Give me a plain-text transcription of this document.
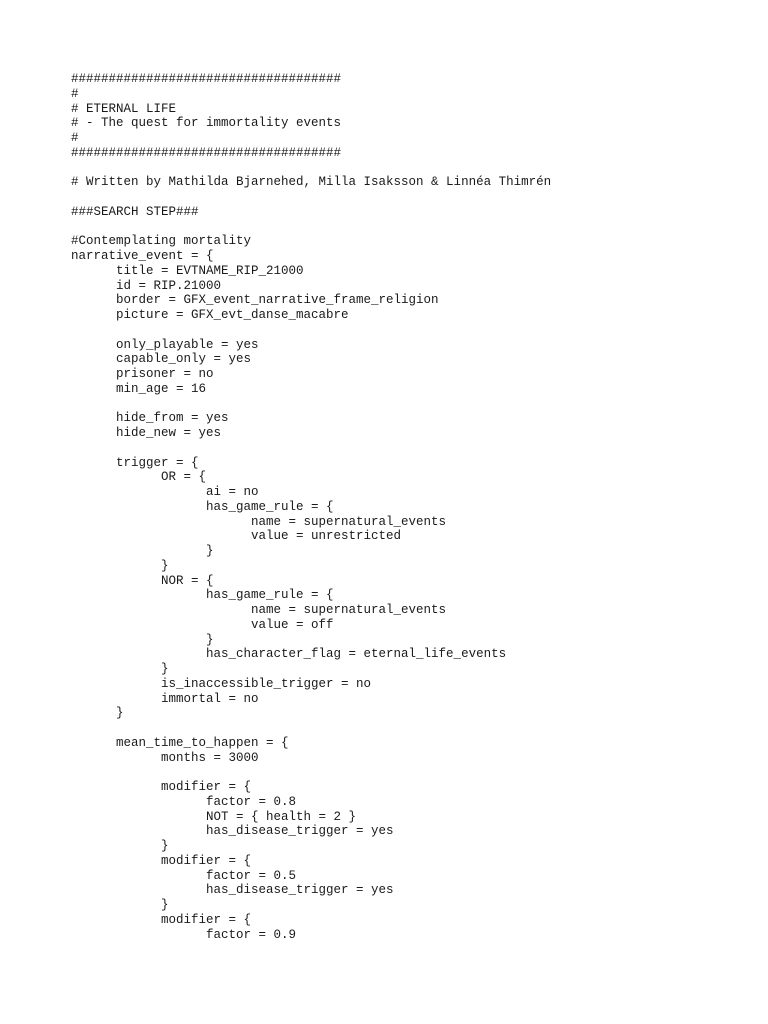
####################################
#
# ETERNAL LIFE
# - The quest for immortality events
#
####################################
# Written by Mathilda Bjarnehed, Milla Isaksson & Linnéa Thimrén
###SEARCH STEP###
#Contemplating mortality
narrative_event = {
title = EVTNAME_RIP_21000
id = RIP.21000
border = GFX_event_narrative_frame_religion
picture = GFX_evt_danse_macabre
only_playable = yes
capable_only = yes
prisoner = no
min_age = 16
hide_from = yes
hide_new = yes
trigger = {
OR = {
ai = no
has_game_rule = {
name = supernatural_events
value = unrestricted
}
}
NOR = {
has_game_rule = {
name = supernatural_events
value = off
}
has_character_flag = eternal_life_events
}
is_inaccessible_trigger = no
immortal = no
}
mean_time_to_happen = {
months = 3000
modifier = {
factor = 0.8
NOT = { health = 2 }
has_disease_trigger = yes
}
modifier = {
factor = 0.5
has_disease_trigger = yes
}
modifier = {
factor = 0.9
